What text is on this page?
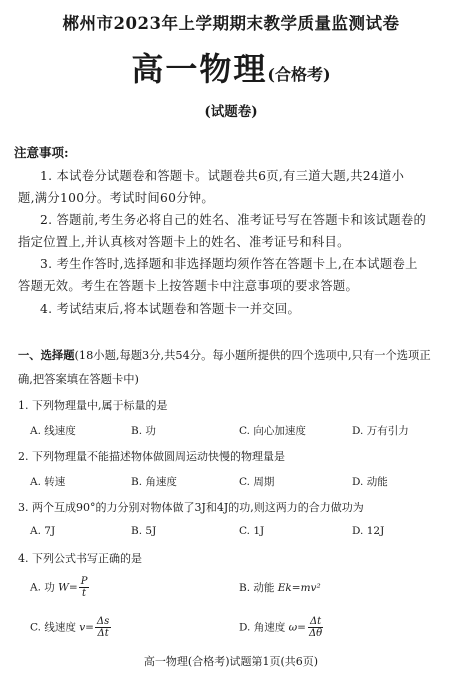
郴州市2023年上学期期末教学质量监测试卷
高一物理(合格考)
(试题卷)
注意事项:
1. 本试卷分试题卷和答题卡。试题卷共6页,有三道大题,共24道小
题,满分100分。考试时间60分钟。
2. 答题前,考生务必将自己的姓名、准考证号写在答题卡和该试题卷的
指定位置上,并认真核对答题卡上的姓名、准考证号和科目。
3. 考生作答时,选择题和非选择题均须作答在答题卡上,在本试题卷上
答题无效。考生在答题卡上按答题卡中注意事项的要求答题。
4. 考试结束后,将本试题卷和答题卡一并交回。
一、选择题(18小题,每题3分,共54分。每小题所提供的四个选项中,只有一个选项正
确,把答案填在答题卡中)
1. 下列物理量中,属于标量的是
A. 线速度	B. 功	C. 向心加速度	D. 万有引力
2. 下列物理量不能描述物体做圆周运动快慢的物理量是
A. 转速	B. 角速度	C. 周期	D. 动能
3. 两个互成90°的力分别对物体做了3J和4J的功,则这两力的合力做功为
A. 7J	B. 5J	C. 1J	D. 12J
4. 下列公式书写正确的是
A. 功 $W= \frac{P}{t}$	B. 动能 Ek=mv²
C. 线速度 $v= \frac{\Delta s}{\Delta t}$	D. 角速度 $\omega= \frac{\Delta t}{\Delta\theta}$
高一物理(合格考)试题第1页(共6页)
